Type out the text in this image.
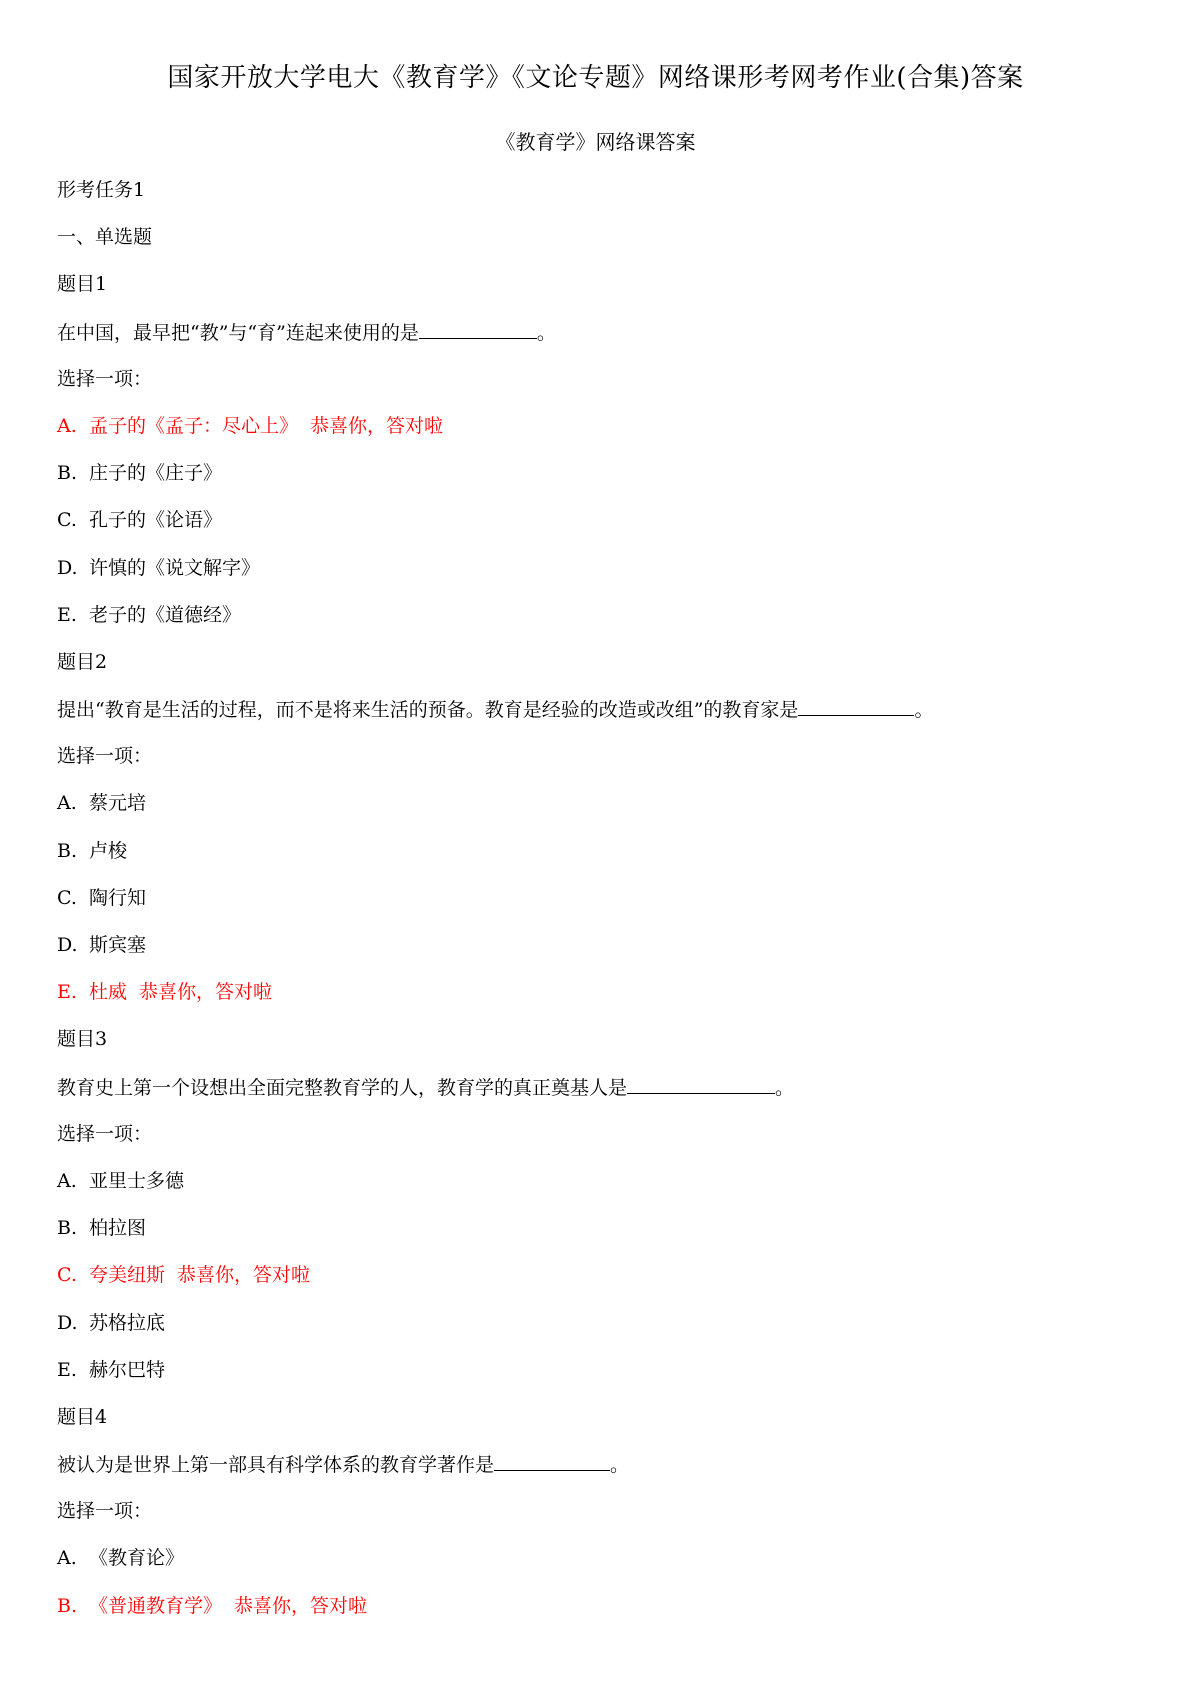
国家开放大学电大《教育学》《文论专题》网络课形考网考作业(合集)答案
《教育学》网络课答案
形考任务1
一、单选题
题目1
在中国，最早把“教”与“育”连起来使用的是	。
选择一项：
A. 孟子的《孟子：尽心上》 恭喜你，答对啦
B. 庄子的《庄子》
C. 孔子的《论语》
D. 许慎的《说文解字》
E. 老子的《道德经》
题目2
提出“教育是生活的过程，而不是将来生活的预备。教育是经验的改造或改组”的教育家是	。
选择一项：
A. 蔡元培
B. 卢梭
C. 陶行知
D. 斯宾塞
E. 杜威 恭喜你，答对啦
题目3
教育史上第一个设想出全面完整教育学的人，教育学的真正奠基人是	。
选择一项：
A. 亚里士多德
B. 柏拉图
C. 夸美纽斯 恭喜你，答对啦
D. 苏格拉底
E. 赫尔巴特
题目4
被认为是世界上第一部具有科学体系的教育学著作是	。
选择一项：
A. 《教育论》
B. 《普通教育学》 恭喜你，答对啦
